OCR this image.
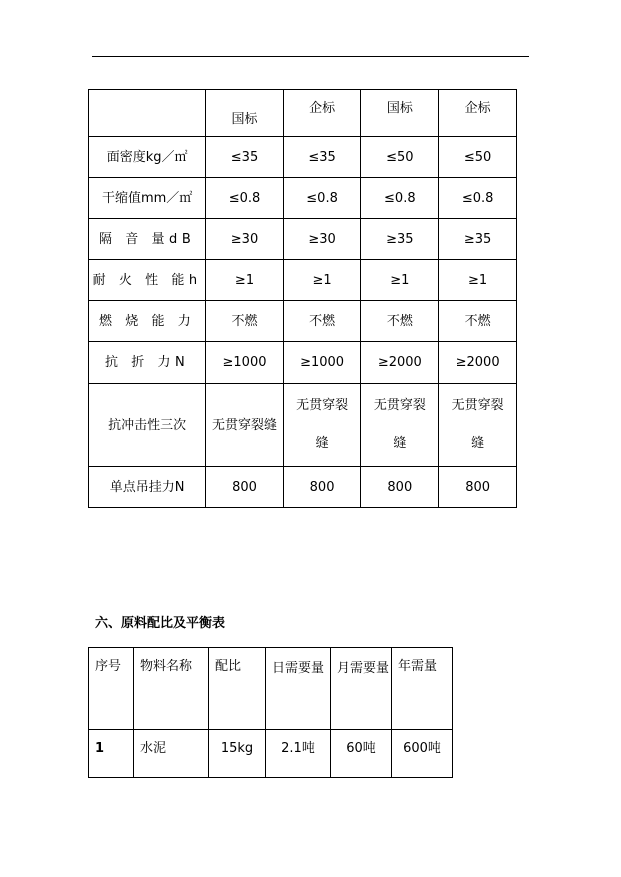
	国标	企标	国标	企标
面密度kg／㎡	≤35	≤35	≤50	≤50
干缩值mm／㎡	≤0.8	≤0.8	≤0.8	≤0.8
隔 音 量dB	≥30	≥30	≥35	≥35
耐 火 性 能h	≥1	≥1	≥1	≥1
燃 烧 能 力	不燃	不燃	不燃	不燃
抗 折 力N	≥1000	≥1000	≥2000	≥2000
抗冲击性三次	无贯穿裂缝	无贯穿裂缝	无贯穿裂缝	无贯穿裂缝

单点吊挂力N	800	800	800	800
六、原料配比及平衡表
序号	物料名称	配比	日需要量	月需要量	年需量
1	水泥	15kg	2.1吨	60吨	600吨
